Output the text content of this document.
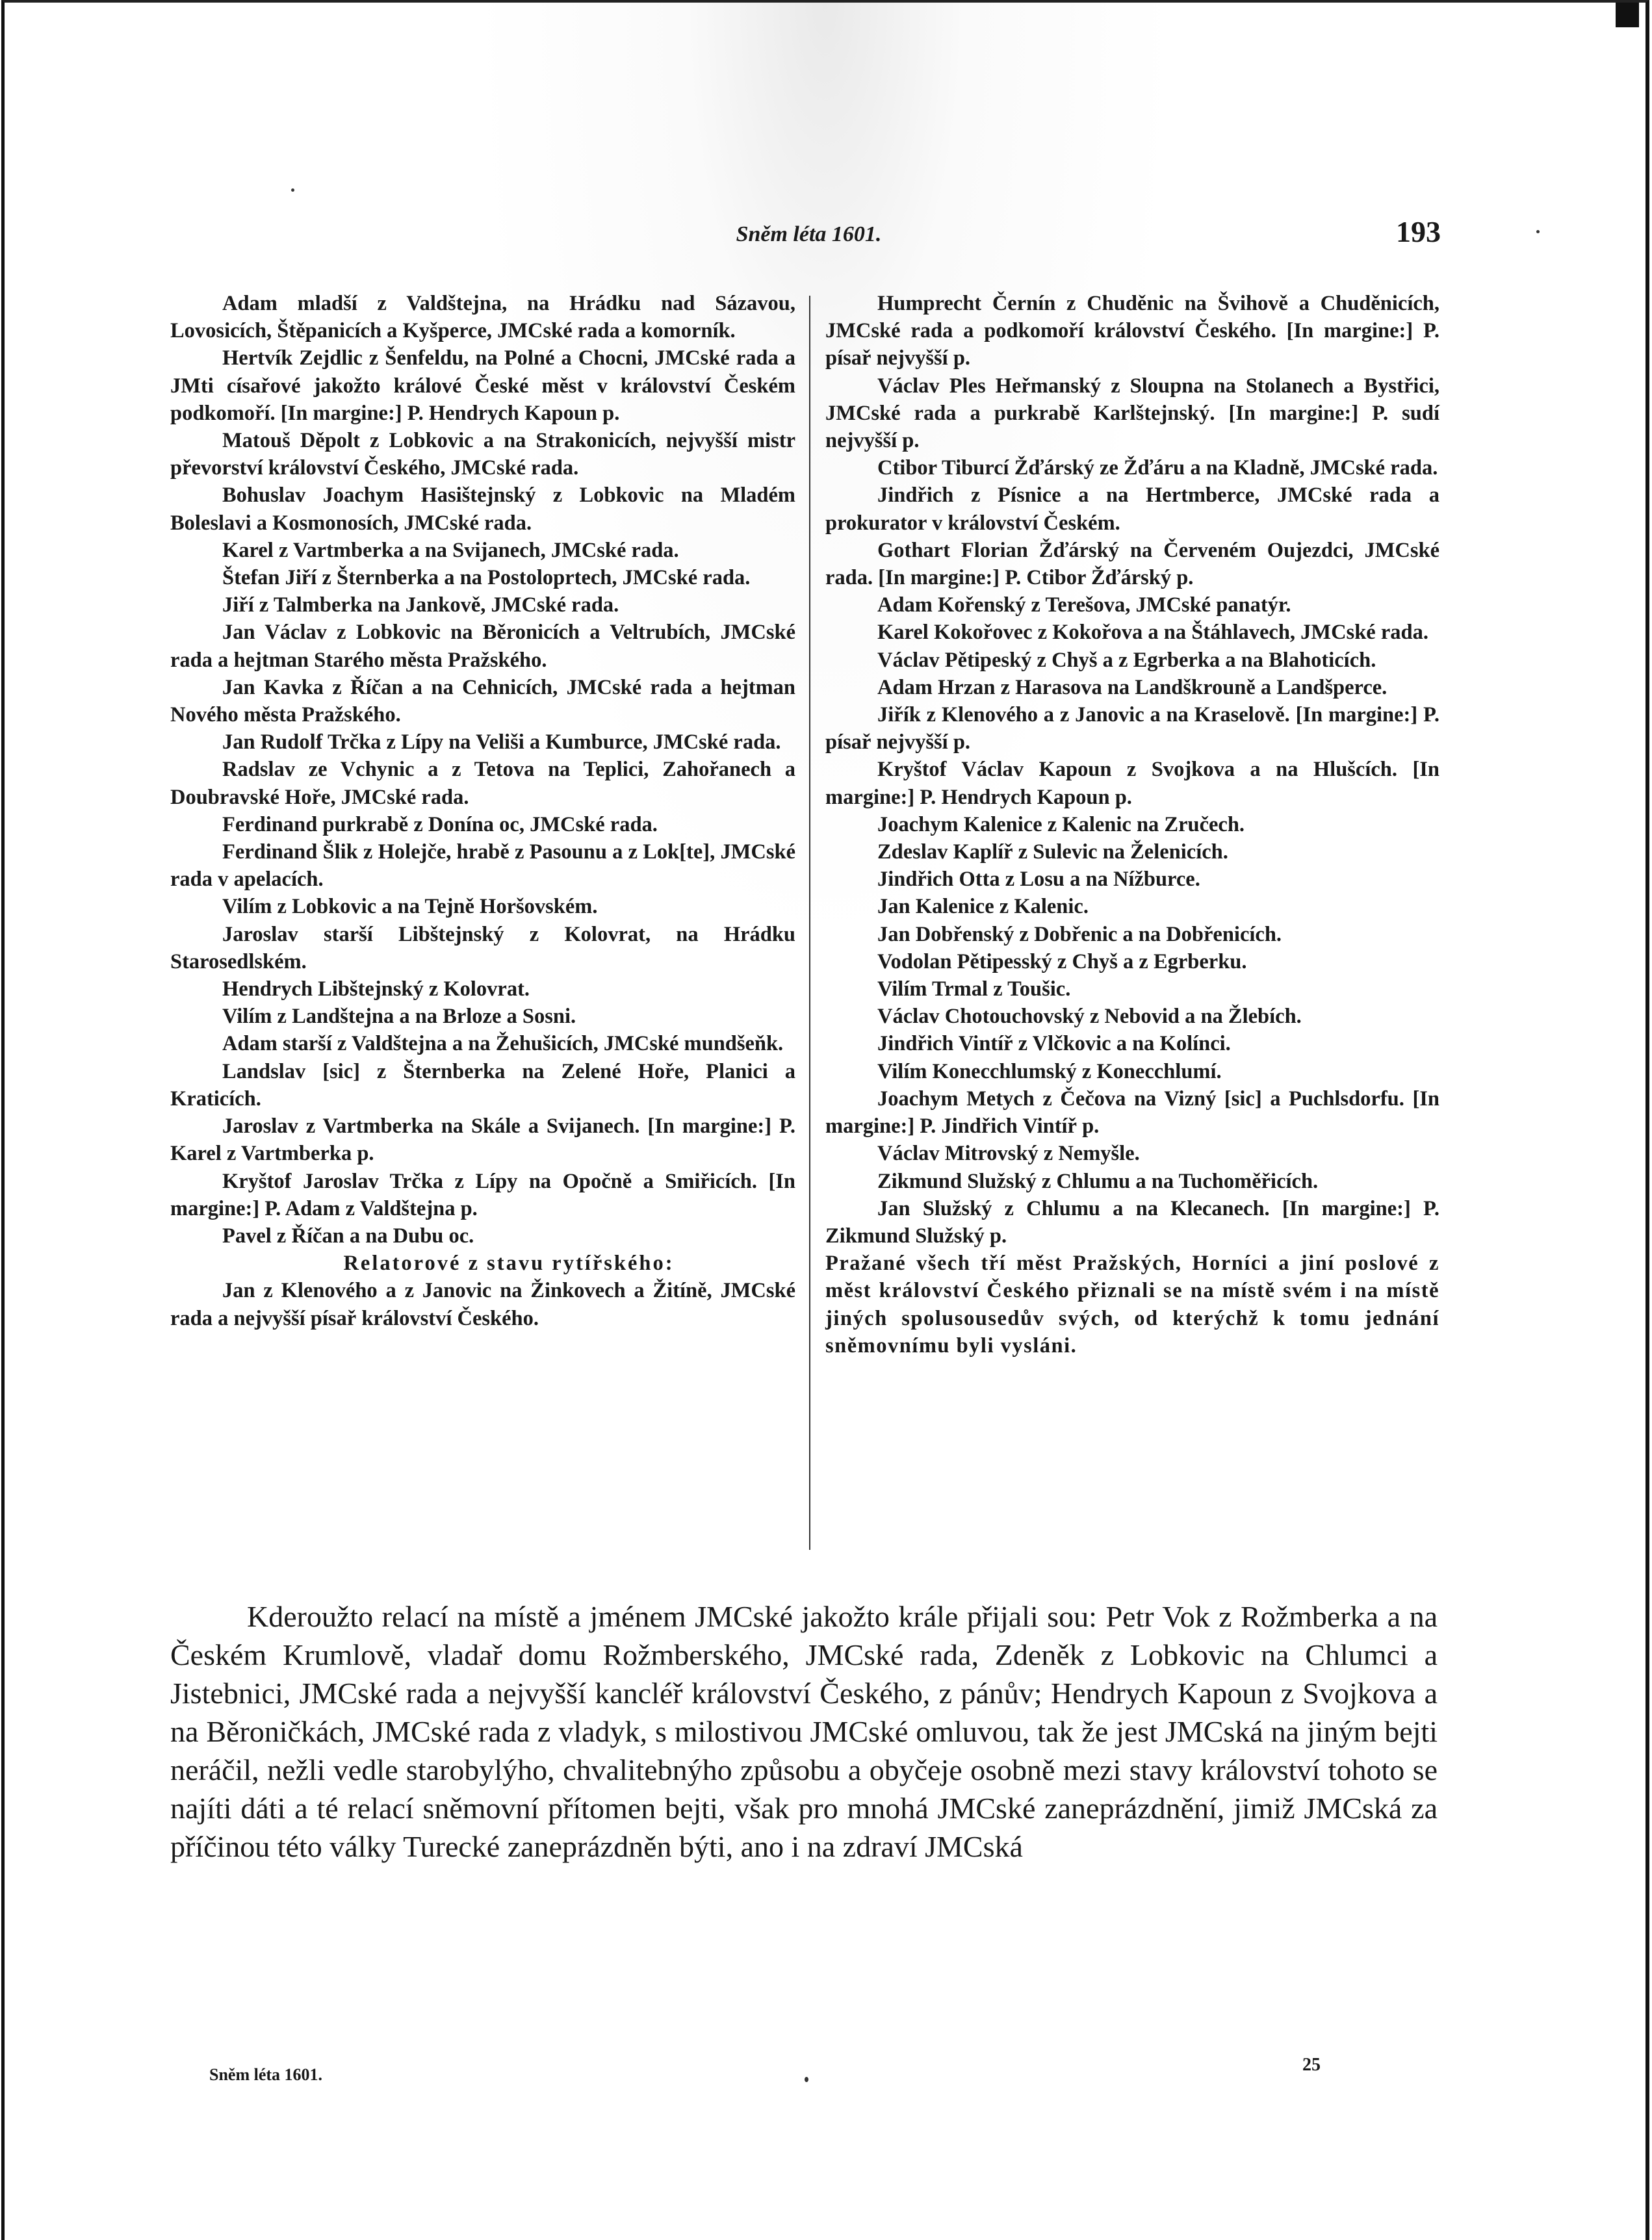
Sněm léta 1601.	193

Adam mladší z Valdštejna, na Hrádku nad Sázavou, Lovosicích, Štěpanicích a Kyšperce, JMCské rada a komorník.

Hertvík Zejdlic z Šenfeldu, na Polné a Chocni, JMCské rada a JMti císařové jakožto králové České měst v království Českém podkomoří. [In margine:] P. Hendrych Kapoun p.

Matouš Děpolt z Lobkovic a na Strakonicích, nejvyšší mistr převorství království Českého, JMCské rada.

Bohuslav Joachym Hasištejnský z Lobkovic na Mladém Boleslavi a Kosmonosích, JMCské rada.

Karel z Vartmberka a na Svijanech, JMCské rada.

Štefan Jiří z Šternberka a na Postoloprtech, JMCské rada.

Jiří z Talmberka na Jankově, JMCské rada.

Jan Václav z Lobkovic na Běronicích a Veltrubích, JMCské rada a hejtman Starého města Pražského.

Jan Kavka z Říčan a na Cehnicích, JMCské rada a hejtman Nového města Pražského.

Jan Rudolf Trčka z Lípy na Veliši a Kumburce, JMCské rada.

Radslav ze Vchynic a z Tetova na Teplici, Zahořanech a Doubravské Hoře, JMCské rada.

Ferdinand purkrabě z Donína oc, JMCské rada.

Ferdinand Šlik z Holejče, hrabě z Pasounu a z Lok[te], JMCské rada v apelacích.

Vilím z Lobkovic a na Tejně Horšovském.

Jaroslav starší Libštejnský z Kolovrat, na Hrádku Starosedlském.

Hendrych Libštejnský z Kolovrat.

Vilím z Landštejna a na Brloze a Sosni.

Adam starší z Valdštejna a na Žehušicích, JMCské mundšeňk.

Landslav [sic] z Šternberka na Zelené Hoře, Planici a Kraticích.

Jaroslav z Vartmberka na Skále a Svijanech. [In margine:] P. Karel z Vartmberka p.

Kryštof Jaroslav Trčka z Lípy na Opočně a Smiřicích. [In margine:] P. Adam z Valdštejna p.

Pavel z Říčan a na Dubu oc.

Relatorové z stavu rytířského:

Jan z Klenového a z Janovic na Žinkovech a Žitíně, JMCské rada a nejvyšší písař království Českého.

Humprecht Černín z Chuděnic na Švihově a Chuděnicích, JMCské rada a podkomoří království Českého. [In margine:] P. písař nejvyšší p.

Václav Ples Heřmanský z Sloupna na Stolanech a Bystřici, JMCské rada a purkrabě Karlštejnský. [In margine:] P. sudí nejvyšší p.

Ctibor Tiburcí Žďárský ze Žďáru a na Kladně, JMCské rada.

Jindřich z Písnice a na Hertmberce, JMCské rada a prokurator v království Českém.

Gothart Florian Žďárský na Červeném Oujezdci, JMCské rada. [In margine:] P. Ctibor Žďárský p.

Adam Kořenský z Terešova, JMCské panatýr.

Karel Kokořovec z Kokořova a na Štáhlavech, JMCské rada.

Václav Pětipeský z Chyš a z Egrberka a na Blahoticích.

Adam Hrzan z Harasova na Landškrouně a Landšperce.

Jiřík z Klenového a z Janovic a na Kraselově. [In margine:] P. písař nejvyšší p.

Kryštof Václav Kapoun z Svojkova a na Hlušcích. [In margine:] P. Hendrych Kapoun p.

Joachym Kalenice z Kalenic na Zručech.

Zdeslav Kaplíř z Sulevic na Želenicích.

Jindřich Otta z Losu a na Nížburce.

Jan Kalenice z Kalenic.

Jan Dobřenský z Dobřenic a na Dobřenicích.

Vodolan Pětipesský z Chyš a z Egrberku.

Vilím Trmal z Toušic.

Václav Chotouchovský z Nebovid a na Žlebích.

Jindřich Vintíř z Vlčkovic a na Kolínci.

Vilím Konecchlumský z Konecchlumí.

Joachym Metych z Čečova na Vizný [sic] a Puchlsdorfu. [In margine:] P. Jindřich Vintíř p.

Václav Mitrovský z Nemyšle.

Zikmund Služský z Chlumu a na Tuchoměřicích.

Jan Služský z Chlumu a na Klecanech. [In margine:] P. Zikmund Služský p.

Pražané všech tří měst Pražských, Horníci a jiní poslové z měst království Českého přiznali se na místě svém i na místě jiných spolusousedův svých, od kterýchž k tomu jednání sněmovnímu byli vysláni.

Kderoužto relací na místě a jménem JMCské jakožto krále přijali sou: Petr Vok z Rožmberka a na Českém Krumlově, vladař domu Rožmberského, JMCské rada, Zdeněk z Lobkovic na Chlumci a Jistebnici, JMCské rada a nejvyšší kancléř království Českého, z pánův; Hendrych Kapoun z Svojkova a na Běroničkách, JMCské rada z vladyk, s milostivou JMCské omluvou, tak že jest JMCská na jiným bejti neráčil, nežli vedle starobylýho, chvalitebnýho způsobu a obyčeje osobně mezi stavy království tohoto se najíti dáti a té relací sněmovní přítomen bejti, však pro mnohá JMCské zaneprázdnění, jimiž JMCská za příčinou této války Turecké zaneprázdněn býti, ano i na zdraví JMCská

Sněm léta 1601.	25
